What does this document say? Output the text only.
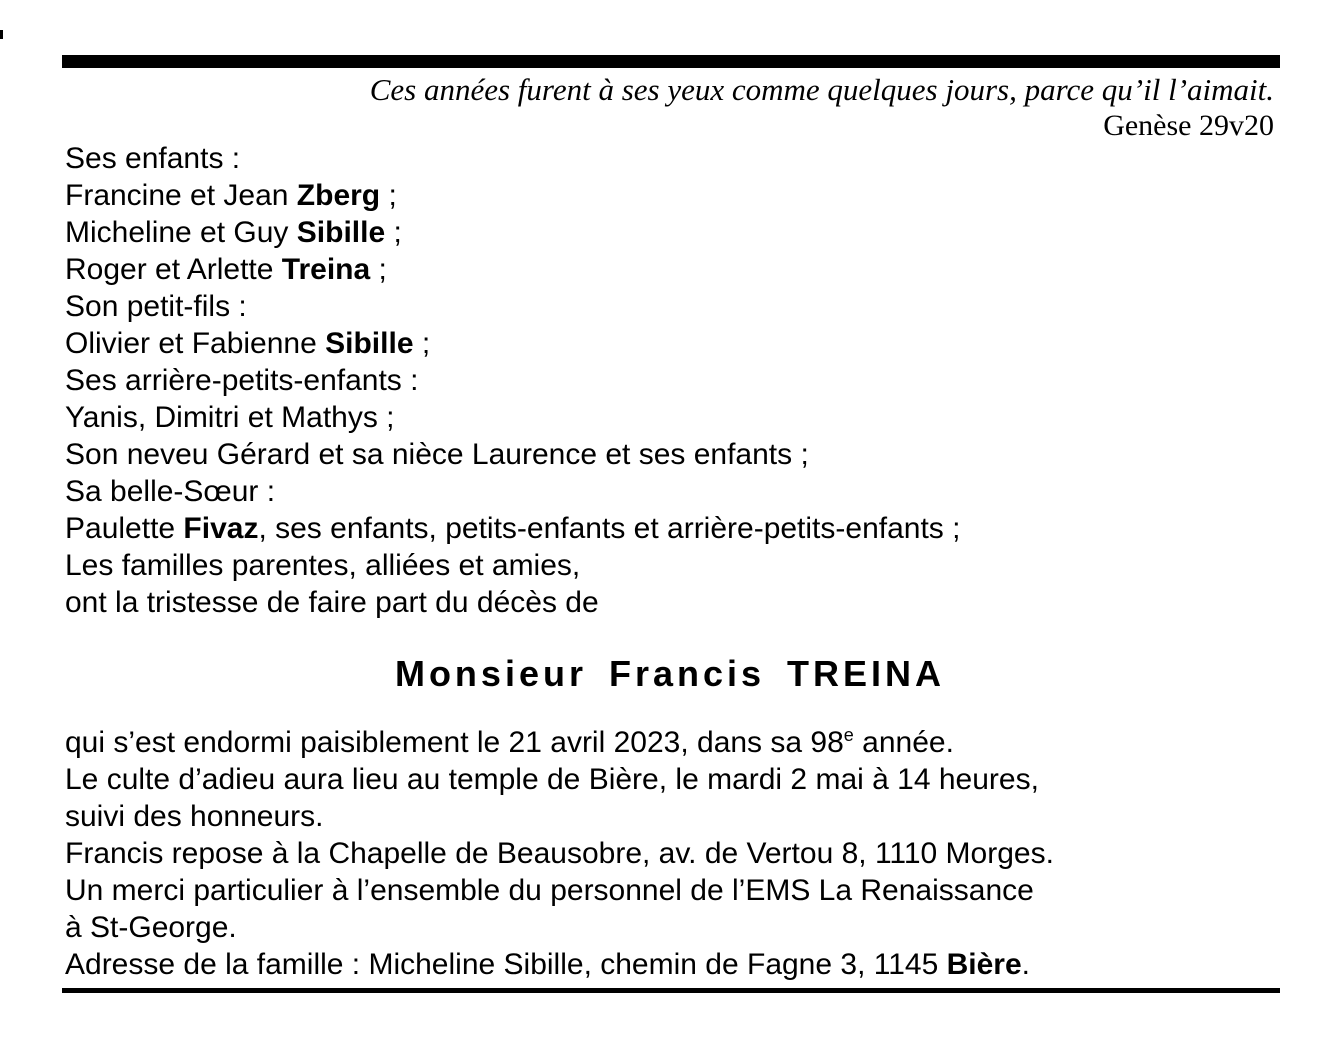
Ces années furent à ses yeux comme quelques jours, parce qu’il l’aimait.
Genèse 29v20
Ses enfants :
Francine et Jean Zberg ;
Micheline et Guy Sibille ;
Roger et Arlette Treina ;
Son petit-fils :
Olivier et Fabienne Sibille ;
Ses arrière-petits-enfants :
Yanis, Dimitri et Mathys ;
Son neveu Gérard et sa nièce Laurence et ses enfants ;
Sa belle-Sœur :
Paulette Fivaz, ses enfants, petits-enfants et arrière-petits-enfants ;
Les familles parentes, alliées et amies,
ont la tristesse de faire part du décès de
Monsieur Francis TREINA
qui s’est endormi paisiblement le 21 avril 2023, dans sa 98e année.
Le culte d’adieu aura lieu au temple de Bière, le mardi 2 mai à 14 heures,
suivi des honneurs.
Francis repose à la Chapelle de Beausobre, av. de Vertou 8, 1110 Morges.
Un merci particulier à l’ensemble du personnel de l’EMS La Renaissance
à St-George.
Adresse de la famille : Micheline Sibille, chemin de Fagne 3, 1145 Bière.
